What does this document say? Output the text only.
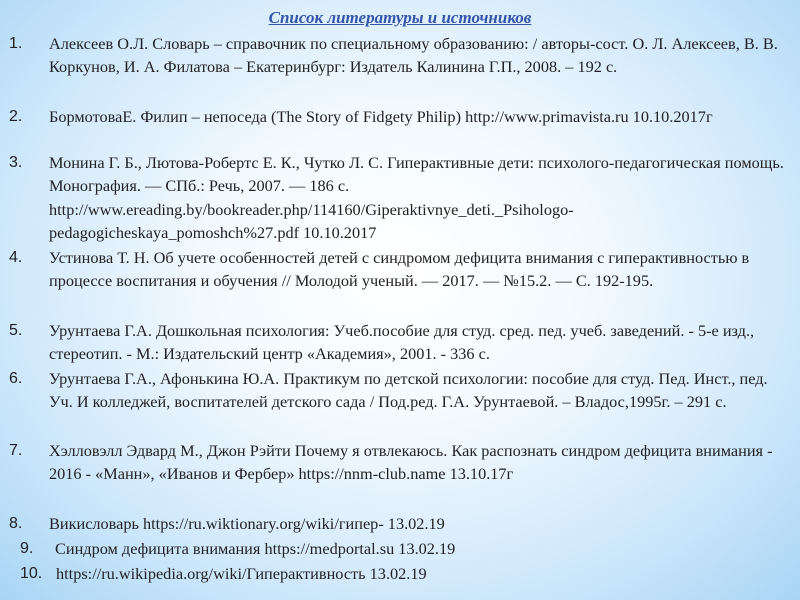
Список литературы и источников
1. Алексеев О.Л. Словарь – справочник по специальному образованию: / авторы-сост. О. Л. Алексеев, В. В. Коркунов, И. А. Филатова – Екатеринбург: Издатель Калинина Г.П., 2008. – 192 с.
2. БормотоваЕ. Филип – непоседа (The Story of Fidgety Philip) http://www.primavista.ru 10.10.2017г
3. Монина Г. Б., Лютова-Робертс Е. К., Чутко Л. С. Гиперактивные дети: психолого-педагогическая помощь. Монография. — СПб.: Речь, 2007. — 186 с. http://www.ereading.by/bookreader.php/114160/Giperaktivnye_deti._Psihologo-pedagogicheskaya_pomoshch%27.pdf 10.10.2017
4. Устинова Т. Н. Об учете особенностей детей с синдромом дефицита внимания с гиперактивностью в процессе воспитания и обучения // Молодой ученый. — 2017. — №15.2. — С. 192-195.
5. Урунтаева Г.А. Дошкольная психология: Учеб.пособие для студ. сред. пед. учеб. заведений. - 5-е изд., стереотип. - М.: Издательский центр «Академия», 2001. - 336 с.
6. Урунтаева Г.А., Афонькина Ю.А. Практикум по детской психологии: пособие для студ. Пед. Инст., пед. Уч. И колледжей, воспитателей детского сада / Под.ред. Г.А. Урунтаевой. – Владос,1995г. – 291 с.
7. Хэлловэлл Эдвард М., Джон Рэйти Почему я отвлекаюсь. Как распознать синдром дефицита внимания - 2016 - «Манн», «Иванов и Фербер» https://nnm-club.name 13.10.17г
8. Викисловарь https://ru.wiktionary.org/wiki/гипер- 13.02.19
9. Синдром дефицита внимания https://medportal.su 13.02.19
10. https://ru.wikipedia.org/wiki/Гиперактивность 13.02.19
